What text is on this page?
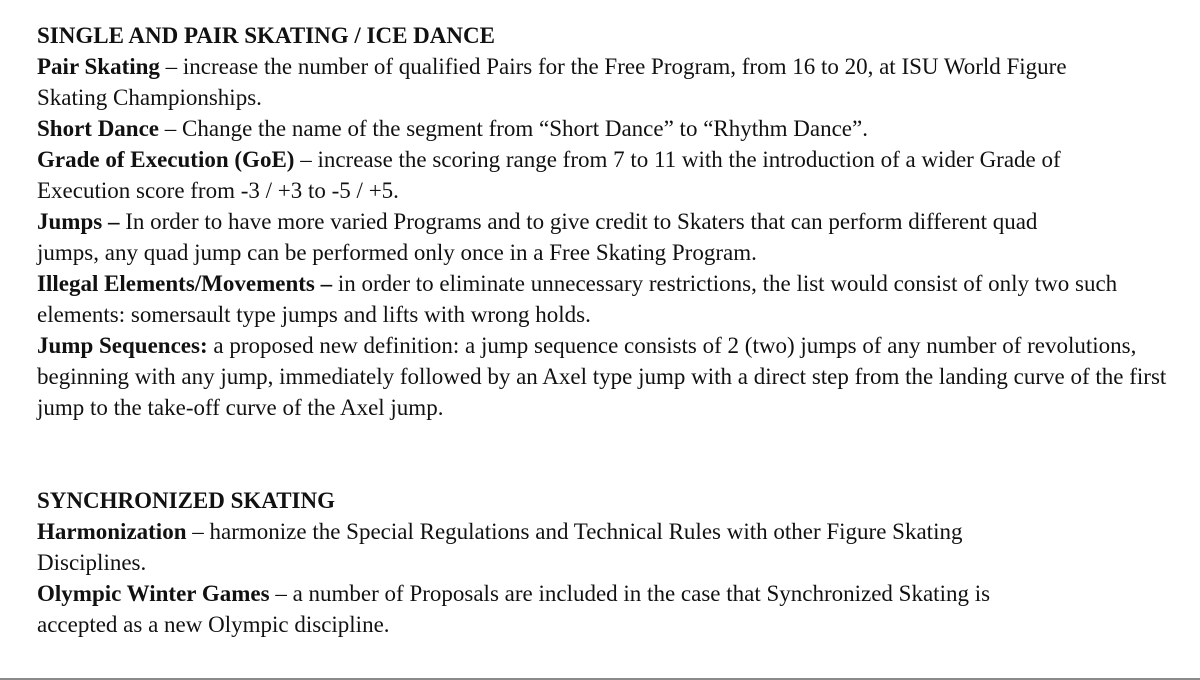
SINGLE AND PAIR SKATING / ICE DANCE

Pair Skating – increase the number of qualified Pairs for the Free Program, from 16 to 20, at ISU World Figure Skating Championships.

Short Dance – Change the name of the segment from “Short Dance” to “Rhythm Dance”.

Grade of Execution (GoE) – increase the scoring range from 7 to 11 with the introduction of a wider Grade of Execution score from -3 / +3 to -5 / +5.

Jumps – In order to have more varied Programs and to give credit to Skaters that can perform different quad jumps, any quad jump can be performed only once in a Free Skating Program.

Illegal Elements/Movements – in order to eliminate unnecessary restrictions, the list would consist of only two such elements: somersault type jumps and lifts with wrong holds.

Jump Sequences: a proposed new definition: a jump sequence consists of 2 (two) jumps of any number of revolutions, beginning with any jump, immediately followed by an Axel type jump with a direct step from the landing curve of the first jump to the take-off curve of the Axel jump.

SYNCHRONIZED SKATING

Harmonization – harmonize the Special Regulations and Technical Rules with other Figure Skating Disciplines.

Olympic Winter Games – a number of Proposals are included in the case that Synchronized Skating is accepted as a new Olympic discipline.
